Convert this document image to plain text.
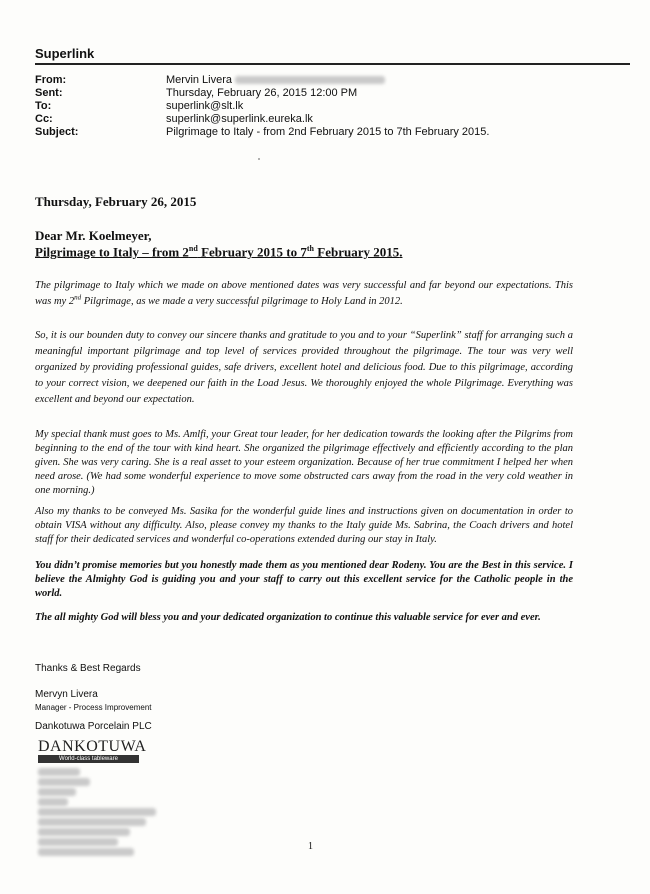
Superlink
From:	Mervin Livera
Sent:	Thursday, February 26, 2015 12:00 PM
To:	superlink@slt.lk
Cc:	superlink@superlink.eureka.lk
Subject:	Pilgrimage to Italy - from 2nd February 2015 to 7th February 2015.
Thursday, February 26, 2015
Dear Mr. Koelmeyer,
Pilgrimage to Italy – from 2nd February 2015 to 7th February 2015.

The pilgrimage to Italy which we made on above mentioned dates was very successful and far beyond our expectations. This was my 2nd Pilgrimage, as we made a very successful pilgrimage to Holy Land in 2012.

So, it is our bounden duty to convey our sincere thanks and gratitude to you and to your “Superlink” staff for arranging such a meaningful important pilgrimage and top level of services provided throughout the pilgrimage. The tour was very well organized by providing professional guides, safe drivers, excellent hotel and delicious food. Due to this pilgrimage, according to your correct vision, we deepened our faith in the Load Jesus. We thoroughly enjoyed the whole Pilgrimage. Everything was excellent and beyond our expectation.

My special thank must goes to Ms. Amlfi, your Great tour leader, for her dedication towards the looking after the Pilgrims from beginning to the end of the tour with kind heart. She organized the pilgrimage effectively and efficiently according to the plan given. She was very caring. She is a real asset to your esteem organization. Because of her true commitment I helped her when need arose. (We had some wonderful experience to move some obstructed cars away from the road in the very cold weather in one morning.)

Also my thanks to be conveyed Ms. Sasika for the wonderful guide lines and instructions given on documentation in order to obtain VISA without any difficulty. Also, please convey my thanks to the Italy guide Ms. Sabrina, the Coach drivers and hotel staff for their dedicated services and wonderful co-operations extended during our stay in Italy.

You didn’t promise memories but you honestly made them as you mentioned dear Rodeny. You are the Best in this service. I believe the Almighty God is guiding you and your staff to carry out this excellent service for the Catholic people in the world.

The all mighty God will bless you and your dedicated organization to continue this valuable service for ever and ever.

Thanks & Best Regards
Mervyn Livera
Manager - Process Improvement
Dankotuwa Porcelain PLC
DANKOTUWA
World-class tableware
1
